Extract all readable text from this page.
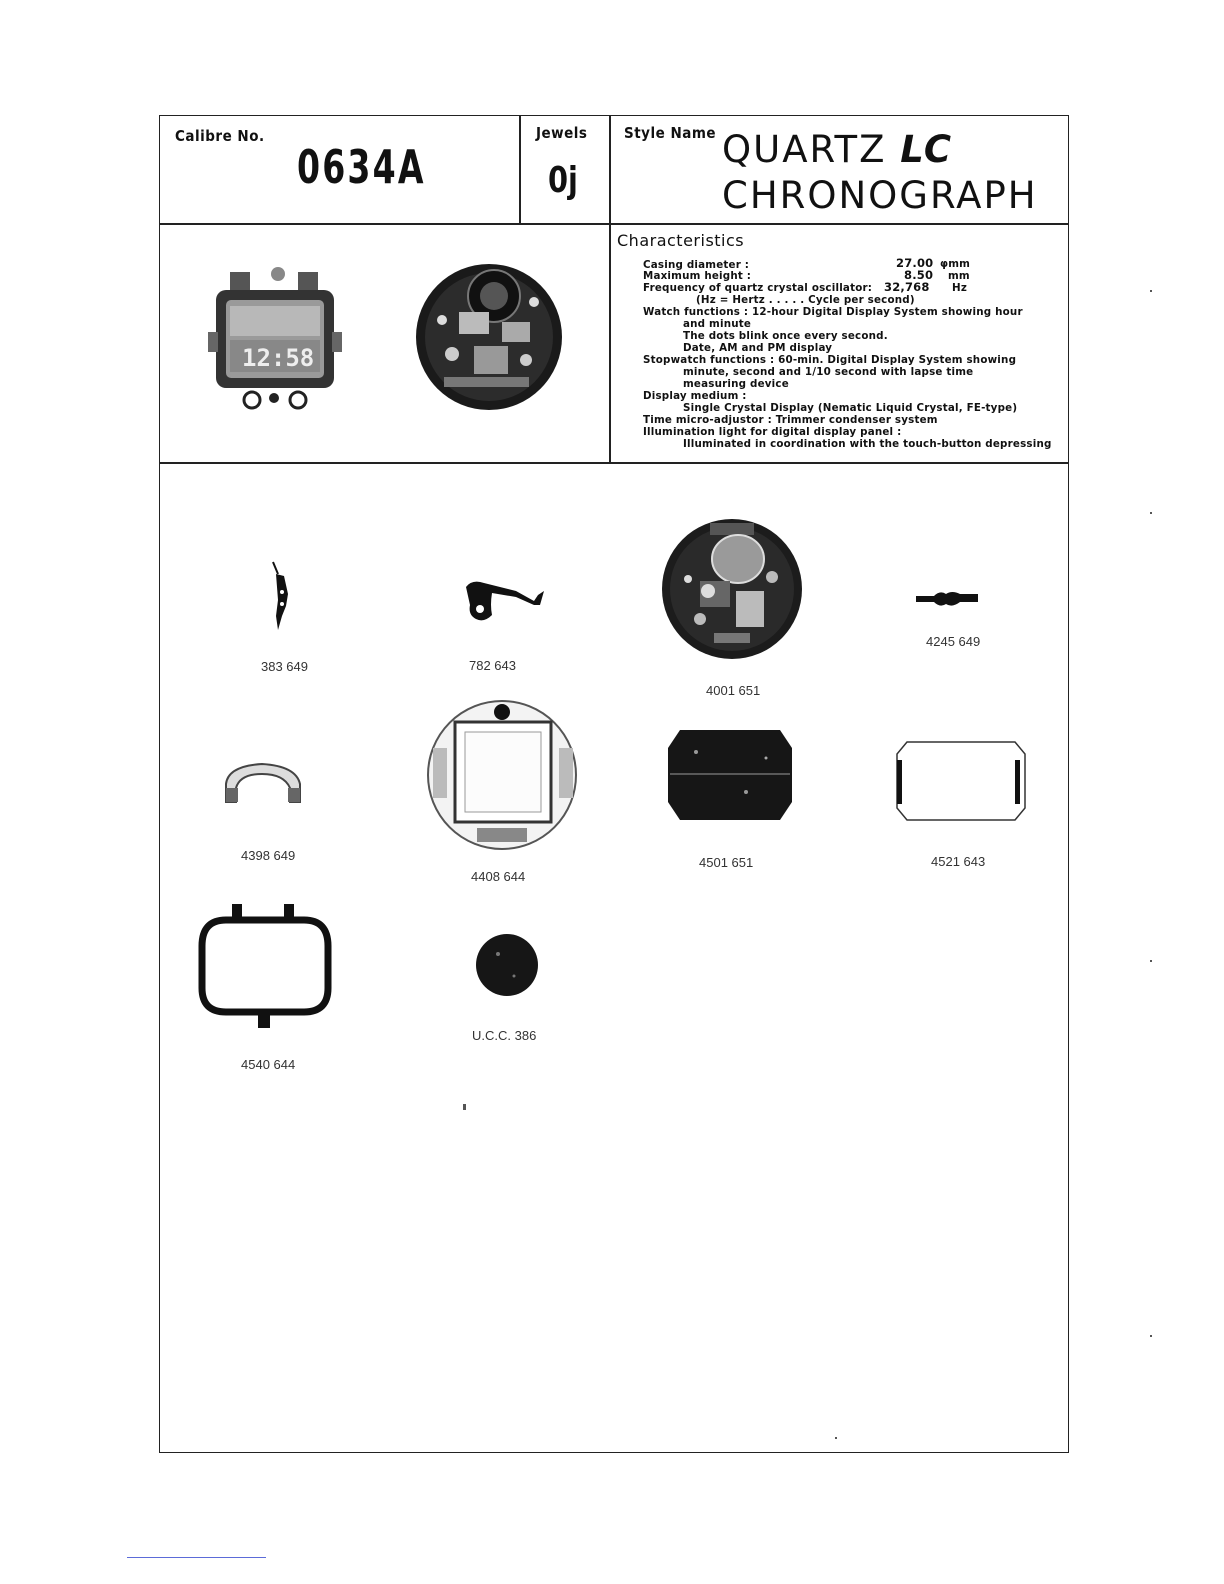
Calibre No.
0634A
Jewels
0j
Style Name QUARTZ LC
CHRONOGRAPH
Characteristics
Casing diameter :	27.00 φmm
Maximum height :	8.50 mm
Frequency of quartz crystal oscillator: 32,768 Hz
(Hz = Hertz . . . . . Cycle per second)
Watch functions : 12-hour Digital Display System showing hour
and minute
The dots blink once every second.
Date, AM and PM display
Stopwatch functions : 60-min. Digital Display System showing
minute, second and 1/10 second with lapse time
measuring device
Display medium :
Single Crystal Display (Nematic Liquid Crystal, FE-type)
Time micro-adjustor : Trimmer condenser system
Illumination light for digital display panel :
Illuminated in coordination with the touch-button depressing
12:58
383 649	782 643
4001 651
4245 649
4398 649
4408 644
4501 651	4521 643
4540 644
U.C.C. 386
